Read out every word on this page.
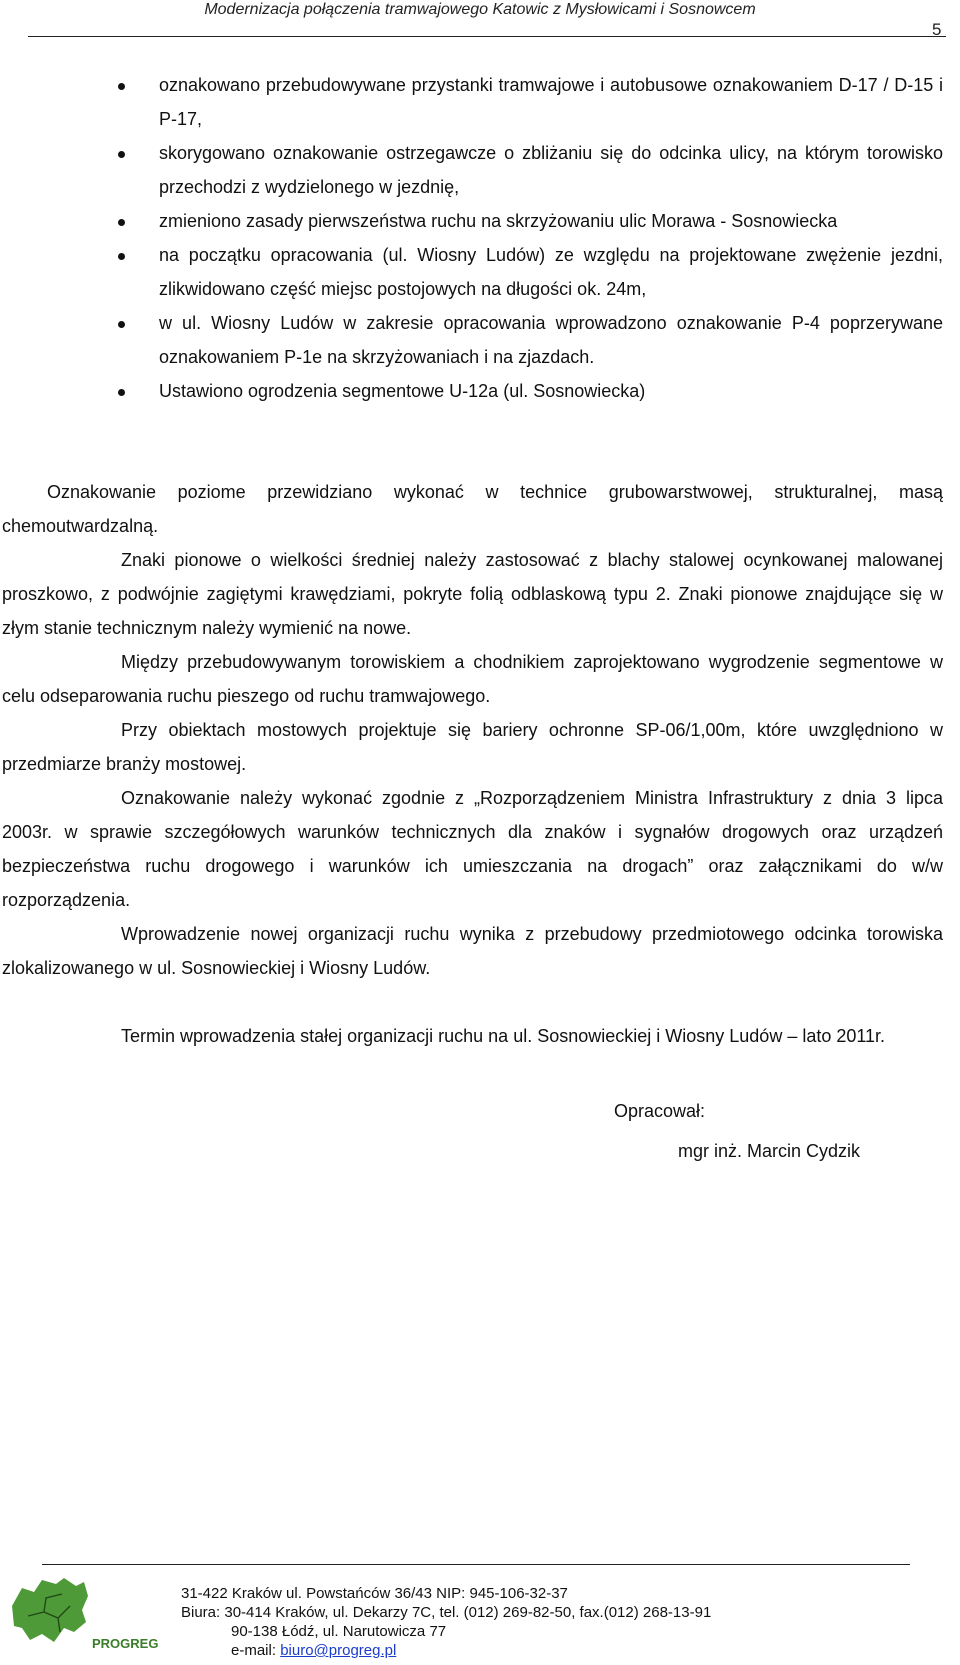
Modernizacja połączenia tramwajowego Katowic z Mysłowicami i Sosnowcem
5
oznakowano przebudowywane przystanki tramwajowe i autobusowe oznakowaniem D-17 / D-15 i P-17,
skorygowano oznakowanie ostrzegawcze o zbliżaniu się do odcinka ulicy, na którym torowisko przechodzi z wydzielonego w jezdnię,
zmieniono zasady pierwszeństwa ruchu na skrzyżowaniu ulic Morawa - Sosnowiecka
na początku opracowania (ul. Wiosny Ludów) ze względu na projektowane zwężenie jezdni, zlikwidowano część miejsc postojowych na długości ok. 24m,
w ul. Wiosny Ludów w zakresie opracowania wprowadzono oznakowanie P-4 poprzerywane oznakowaniem P-1e na skrzyżowaniach i na zjazdach.
Ustawiono ogrodzenia segmentowe U-12a (ul. Sosnowiecka)

Oznakowanie poziome przewidziano wykonać w technice grubowarstwowej, strukturalnej, masą chemoutwardzalną.

Znaki pionowe o wielkości średniej należy zastosować z blachy stalowej ocynkowanej malowanej proszkowo, z podwójnie zagiętymi krawędziami, pokryte folią odblaskową typu 2. Znaki pionowe znajdujące się w złym stanie technicznym należy wymienić na nowe.

Między przebudowywanym torowiskiem a chodnikiem zaprojektowano wygrodzenie segmentowe w celu odseparowania ruchu pieszego od ruchu tramwajowego.

Przy obiektach mostowych projektuje się bariery ochronne SP-06/1,00m, które uwzględniono w przedmiarze branży mostowej.

Oznakowanie należy wykonać zgodnie z „Rozporządzeniem Ministra Infrastruktury z dnia 3 lipca 2003r. w sprawie szczegółowych warunków technicznych dla znaków i sygnałów drogowych oraz urządzeń bezpieczeństwa ruchu drogowego i warunków ich umieszczania na drogach” oraz załącznikami do w/w rozporządzenia.

Wprowadzenie nowej organizacji ruchu wynika z przebudowy przedmiotowego odcinka torowiska zlokalizowanego w ul. Sosnowieckiej i Wiosny Ludów.

Termin wprowadzenia stałej organizacji ruchu na ul. Sosnowieckiej i Wiosny Ludów – lato 2011r.

Opracował:
mgr inż. Marcin Cydzik
PROGREG
31-422 Kraków ul. Powstańców 36/43 NIP: 945-106-32-37
Biura: 30-414 Kraków, ul. Dekarzy 7C, tel. (012) 269-82-50, fax.(012) 268-13-91
90-138 Łódź, ul. Narutowicza 77
e-mail: biuro@progreg.pl
